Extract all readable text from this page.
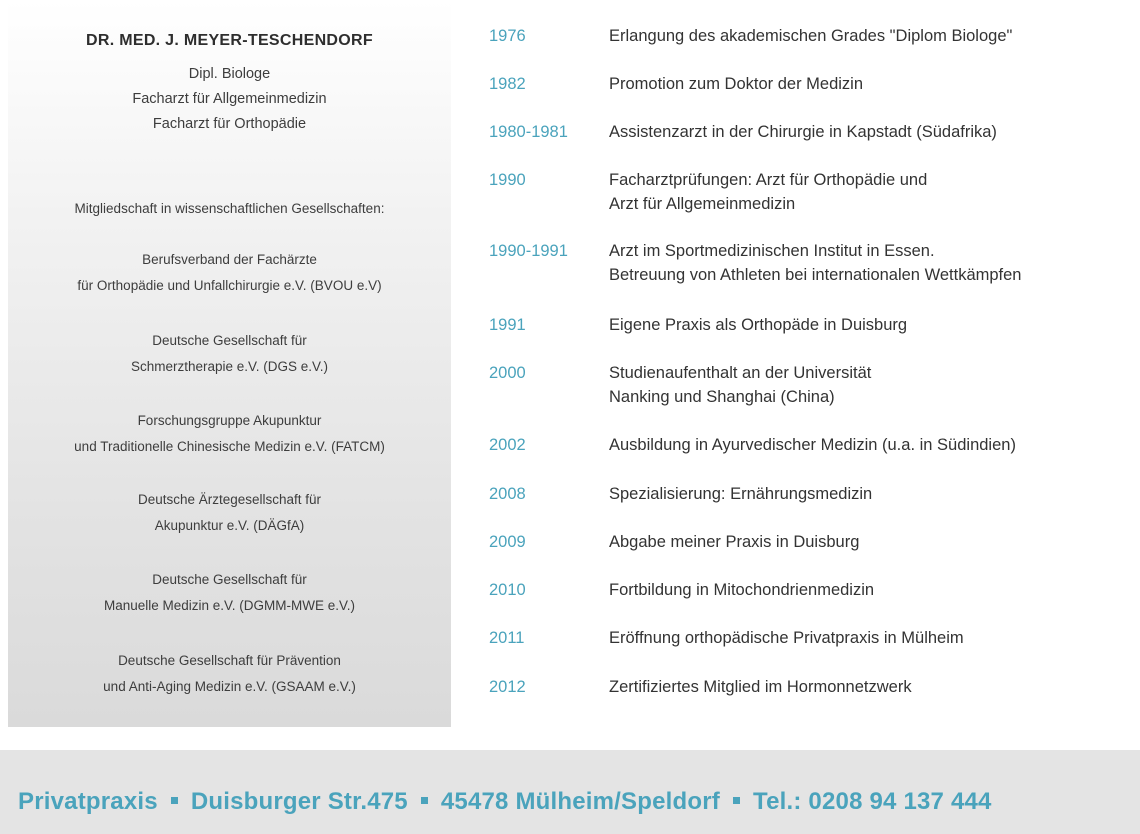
DR. MED. J. MEYER-TESCHENDORF
Dipl. Biologe
Facharzt für Allgemeinmedizin
Facharzt für Orthopädie
Mitgliedschaft in wissenschaftlichen Gesellschaften:
Berufsverband der Fachärzte
für Orthopädie und Unfallchirurgie e.V. (BVOU e.V)
Deutsche Gesellschaft für
Schmerztherapie e.V. (DGS e.V.)
Forschungsgruppe Akupunktur
und Traditionelle Chinesische Medizin e.V. (FATCM)
Deutsche Ärztegesellschaft für
Akupunktur e.V. (DÄGfA)
Deutsche Gesellschaft für
Manuelle Medizin e.V. (DGMM-MWE e.V.)
Deutsche Gesellschaft für Prävention
und Anti-Aging Medizin e.V. (GSAAM e.V.)
1976	Erlangung des akademischen Grades "Diplom Biologe"
1982	Promotion zum Doktor der Medizin
1980-1981 Assistenzarzt in der Chirurgie in Kapstadt (Südafrika)
1990	Facharztprüfungen: Arzt für Orthopädie und
Arzt für Allgemeinmedizin
1990-1991 Arzt im Sportmedizinischen Institut in Essen.
Betreuung von Athleten bei internationalen Wettkämpfen
1991	Eigene Praxis als Orthopäde in Duisburg
2000	Studienaufenthalt an der Universität
Nanking und Shanghai (China)
2002	Ausbildung in Ayurvedischer Medizin (u.a. in Südindien)
2008	Spezialisierung: Ernährungsmedizin
2009	Abgabe meiner Praxis in Duisburg
2010	Fortbildung in Mitochondrienmedizin
2011	Eröffnung orthopädische Privatpraxis in Mülheim
2012	Zertifiziertes Mitglied im Hormonnetzwerk
Privatpraxis Duisburger Str.475 45478 Mülheim/Speldorf Tel.: 0208 94 137 444
